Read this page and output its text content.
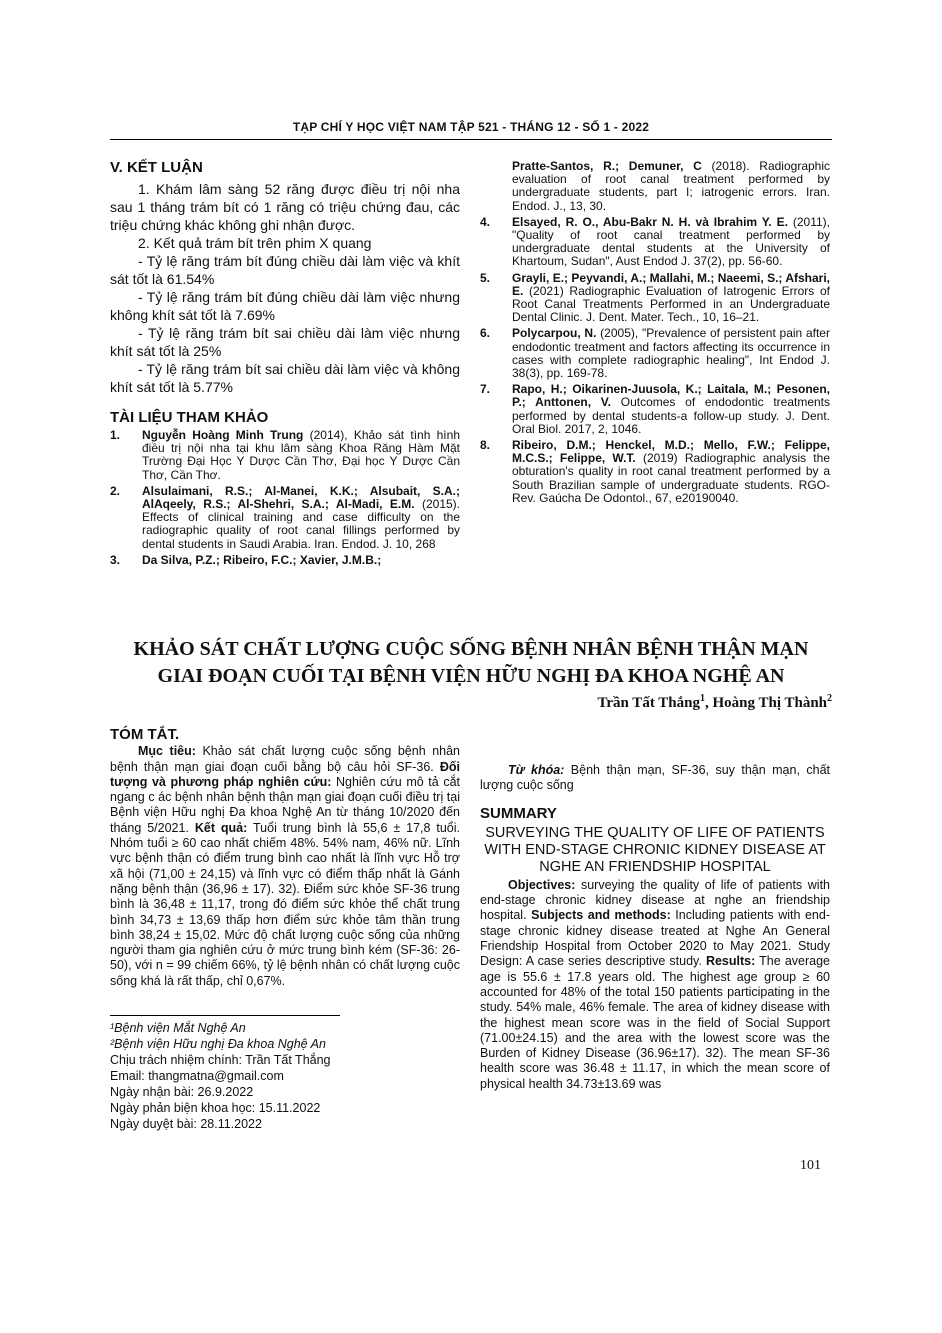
TẠP CHÍ Y HỌC VIỆT NAM TẬP 521 - THÁNG 12 - SỐ 1 - 2022
V. KẾT LUẬN

1. Khám lâm sàng 52 răng được điều trị nội nha sau 1 tháng trám bít có 1 răng có triệu chứng đau, các triệu chứng khác không ghi nhận được.

2. Kết quả trám bít trên phim X quang

- Tỷ lệ răng trám bít đúng chiều dài làm việc và khít sát tốt là 61.54%

- Tỷ lệ răng trám bít đúng chiều dài làm việc nhưng không khít sát tốt là 7.69%

- Tỷ lệ răng trám bít sai chiều dài làm việc nhưng khít sát tốt là 25%

- Tỷ lệ răng trám bít sai chiều dài làm việc và không khít sát tốt là 5.77%

TÀI LIỆU THAM KHẢO
1. Nguyễn Hoàng Minh Trung (2014), Khảo sát tình hình điều trị nội nha tại khu lâm sàng Khoa Răng Hàm Mặt Trường Đại Học Y Dược Cần Thơ, Đại học Y Dược Cần Thơ, Cần Thơ.
2. Alsulaimani, R.S.; Al-Manei, K.K.; Alsubait, S.A.; AlAqeely, R.S.; Al-Shehri, S.A.; Al-Madi, E.M. (2015). Effects of clinical training and case difficulty on the radiographic quality of root canal fillings performed by dental students in Saudi Arabia. Iran. Endod. J. 10, 268
3. Da Silva, P.Z.; Ribeiro, F.C.; Xavier, J.M.B.;
Pratte-Santos, R.; Demuner, C (2018). Radiographic evaluation of root canal treatment performed by undergraduate students, part I; iatrogenic errors. Iran. Endod. J., 13, 30.
4. Elsayed, R. O., Abu-Bakr N. H. và Ibrahim Y. E. (2011), "Quality of root canal treatment performed by undergraduate dental students at the University of Khartoum, Sudan", Aust Endod J. 37(2), pp. 56-60.
5. Grayli, E.; Peyvandi, A.; Mallahi, M.; Naeemi, S.; Afshari, E. (2021) Radiographic Evaluation of Iatrogenic Errors of Root Canal Treatments Performed in an Undergraduate Dental Clinic. J. Dent. Mater. Tech., 10, 16–21.
6. Polycarpou, N. (2005), "Prevalence of persistent pain after endodontic treatment and factors affecting its occurrence in cases with complete radiographic healing", Int Endod J. 38(3), pp. 169-78.
7. Rapo, H.; Oikarinen-Juusola, K.; Laitala, M.; Pesonen, P.; Anttonen, V. Outcomes of endodontic treatments performed by dental students-a follow-up study. J. Dent. Oral Biol. 2017, 2, 1046.
8. Ribeiro, D.M.; Henckel, M.D.; Mello, F.W.; Felippe, M.C.S.; Felippe, W.T. (2019) Radiographic analysis the obturation's quality in root canal treatment performed by a South Brazilian sample of undergraduate students. RGO-Rev. Gaúcha De Odontol., 67, e20190040.
KHẢO SÁT CHẤT LƯỢNG CUỘC SỐNG BỆNH NHÂN BỆNH THẬN MẠN
GIAI ĐOẠN CUỐI TẠI BỆNH VIỆN HỮU NGHỊ ĐA KHOA NGHỆ AN
Trần Tất Thắng$^1$, Hoàng Thị Thành$^2$
TÓM TẮT.

Mục tiêu: Khảo sát chất lượng cuộc sống bệnh nhân bệnh thận mạn giai đoạn cuối bằng bộ câu hỏi SF-36. Đối tượng và phương pháp nghiên cứu: Nghiên cứu mô tả cắt ngang c ác bệnh nhân bệnh thận mạn giai đoạn cuối điều trị tại Bệnh viện Hữu nghị Đa khoa Nghệ An từ tháng 10/2020 đến tháng 5/2021. Kết quả: Tuổi trung bình là 55,6 ± 17,8 tuổi. Nhóm tuổi ≥ 60 cao nhất chiếm 48%. 54% nam, 46% nữ. Lĩnh vực bệnh thận có điểm trung bình cao nhất là lĩnh vực Hỗ trợ xã hội (71,00 ± 24,15) và lĩnh vực có điểm thấp nhất là Gánh nặng bệnh thận (36,96 ± 17). 32). Điểm sức khỏe SF-36 trung bình là 36,48 ± 11,17, trong đó điểm sức khỏe thể chất trung bình 34,73 ± 13,69 thấp hơn điểm sức khỏe tâm thần trung bình 38,24 ± 15,02. Mức độ chất lượng cuộc sống của những người tham gia nghiên cứu ở mức trung bình kém (SF-36: 26-50), với n = 99 chiếm 66%, tỷ lệ bệnh nhân có chất lượng cuộc sống khá là rất thấp, chỉ 0,67%.

¹Bệnh viện Mắt Nghệ An
²Bệnh viện Hữu nghị Đa khoa Nghệ An
Chịu trách nhiệm chính: Trần Tất Thắng
Email: thangmatna@gmail.com
Ngày nhận bài: 26.9.2022
Ngày phản biện khoa học: 15.11.2022
Ngày duyệt bài: 28.11.2022

Từ khóa: Bệnh thận mạn, SF-36, suy thận mạn, chất lượng cuộc sống

SUMMARY
SURVEYING THE QUALITY OF LIFE OF PATIENTS WITH END-STAGE CHRONIC KIDNEY DISEASE AT NGHE AN FRIENDSHIP HOSPITAL

Objectives: surveying the quality of life of patients with end-stage chronic kidney disease at nghe an friendship hospital. Subjects and methods: Including patients with end-stage chronic kidney disease treated at Nghe An General Friendship Hospital from October 2020 to May 2021. Study Design: A case series descriptive study. Results: The average age is 55.6 ± 17.8 years old. The highest age group ≥ 60 accounted for 48% of the total 150 patients participating in the study. 54% male, 46% female. The area of kidney disease with the highest mean score was in the field of Social Support (71.00±24.15) and the area with the lowest score was the Burden of Kidney Disease (36.96±17). 32). The mean SF-36 health score was 36.48 ± 11.17, in which the mean score of physical health 34.73±13.69 was

101
